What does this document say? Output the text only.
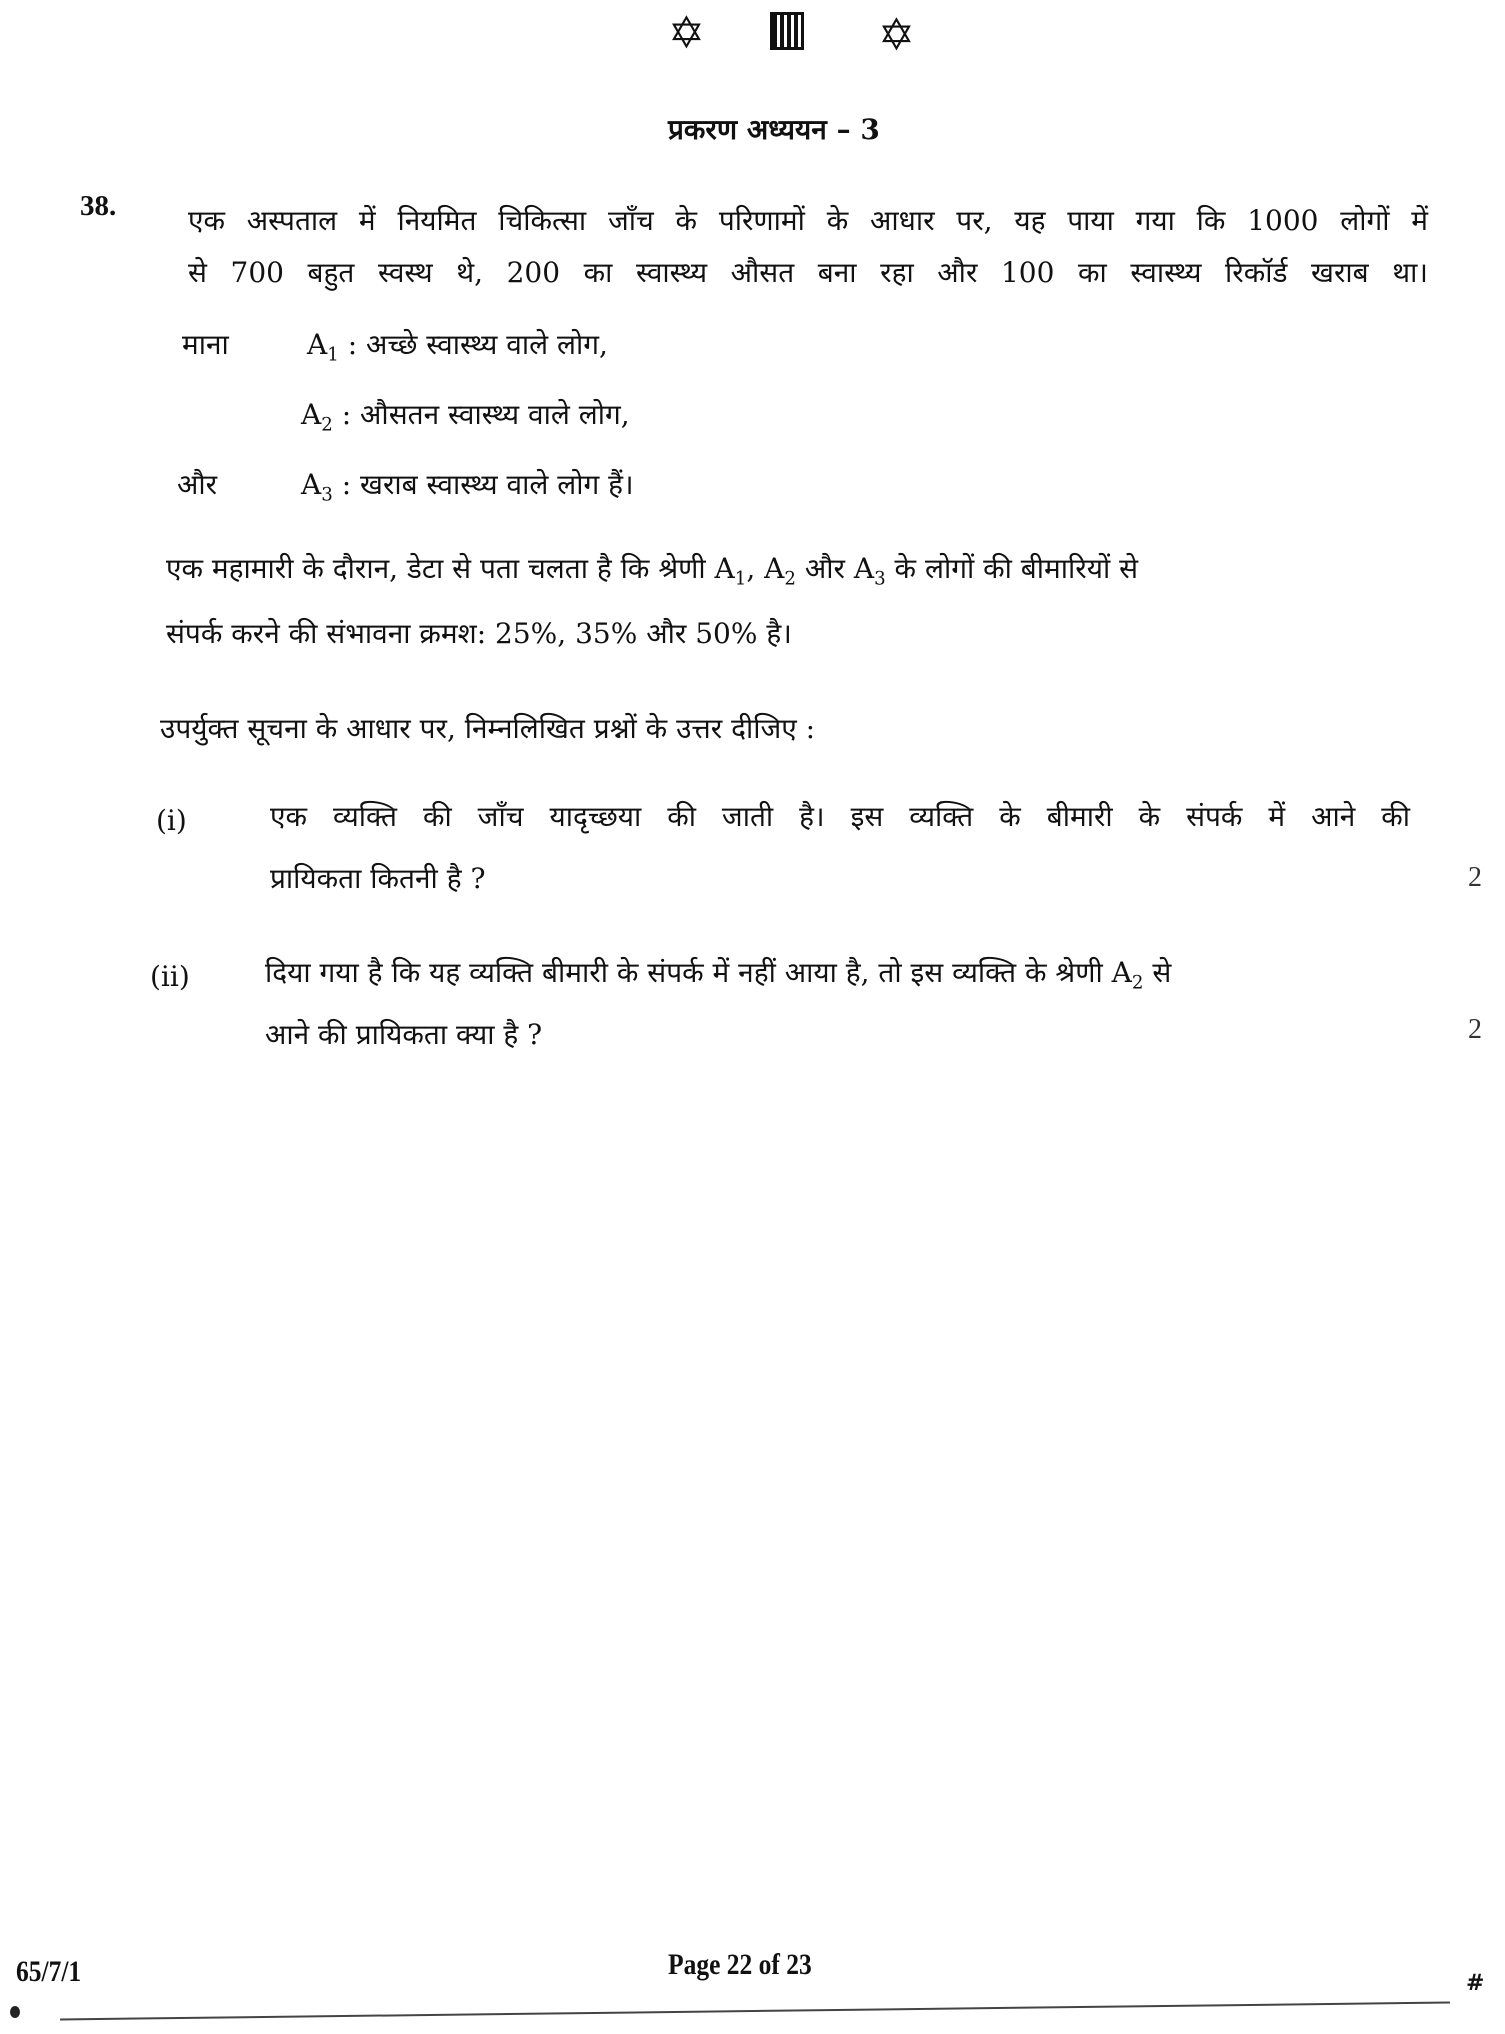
✡	✡
प्रकरण अध्ययन – 3
38.	एक अस्पताल में नियमित चिकित्सा जाँच के परिणामों के आधार पर, यह पाया गया कि 1000 लोगों में
से 700 बहुत स्वस्थ थे, 200 का स्वास्थ्य औसत बना रहा और 100 का स्वास्थ्य रिकॉर्ड खराब था।
माना	$A_1$ : अच्छे स्वास्थ्य वाले लोग,
$A_2$ : औसतन स्वास्थ्य वाले लोग,
और	$A_3$ : खराब स्वास्थ्य वाले लोग हैं।
एक महामारी के दौरान, डेटा से पता चलता है कि श्रेणी $A_1$, $A_2$ और $A_3$ के लोगों की बीमारियों से
संपर्क करने की संभावना क्रमश: 25%, 35% और 50% है।
उपर्युक्त सूचना के आधार पर, निम्नलिखित प्रश्नों के उत्तर दीजिए :
(i)	एक व्यक्ति की जाँच यादृच्छया की जाती है। इस व्यक्ति के बीमारी के संपर्क में आने की
प्रायिकता कितनी है ?	2
(ii)	दिया गया है कि यह व्यक्ति बीमारी के संपर्क में नहीं आया है, तो इस व्यक्ति के श्रेणी $A_2$ से
आने की प्रायिकता क्या है ?	2
65/7/1	Page 22 of 23
#
